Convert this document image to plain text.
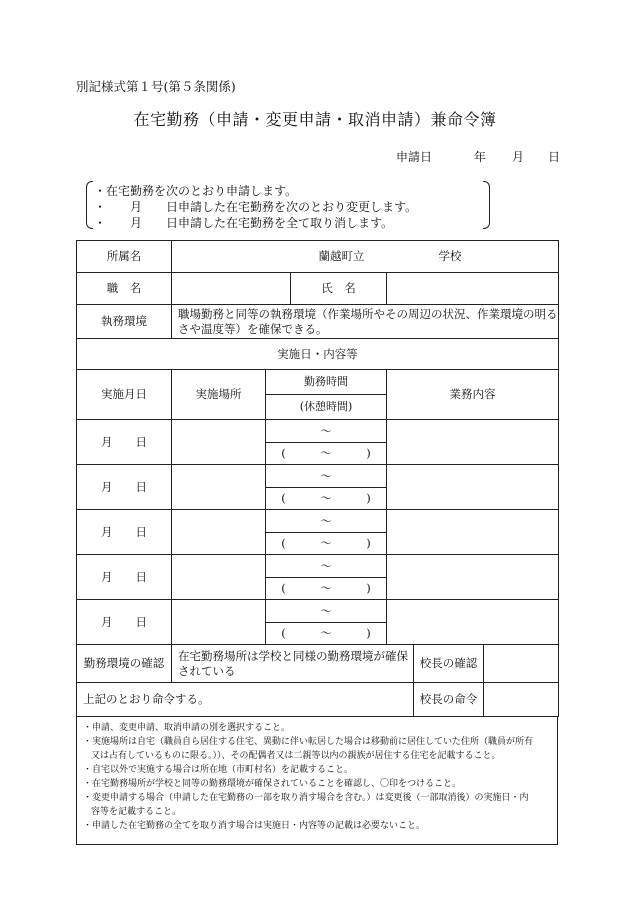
別記様式第１号(第５条関係)
在宅勤務（申請・変更申請・取消申請）兼命令簿
申請日	年 月 日
・在宅勤務を次のとおり申請します。
・　　月　　日申請した在宅勤務を次のとおり変更します。
・　　月　　日申請した在宅勤務を全て取り消します。
所属名	蘭越町立 学校					
職　名			氏　名			
執務環境	職場勤務と同等の執務環境（作業場所やその周辺の状況、作業環境の明るさや温度等）を確保できる。					
実施日・内容等						
実施月日	実施場所	勤務時間		業務内容		
		(休憩時間)				
月　　日		〜				
		(　　　〜　　　)				
月　　日		〜				
		(　　　〜　　　)				
月　　日		〜				
		(　　　〜　　　)				
月　　日		〜				
		(　　　〜　　　)				
月　　日		〜				
		(　　　〜　　　)				
勤務環境の確認	在宅勤務場所は学校と同様の勤務環境が確保されている				校長の確認	
上記のとおり命令する。					校長の命令	
・申請、変更申請、取消申請の別を選択すること。
・実施場所は自宅（職員自ら居住する住宅、異動に伴い転居した場合は移動前に居住していた住所（職員が所有
又は占有しているものに限る。））、その配偶者又は二親等以内の親族が居住する住宅を記載すること。
・自宅以外で実施する場合は所在地（市町村名）を記載すること。
・在宅勤務場所が学校と同等の勤務環境が確保されていることを確認し、〇印をつけること。
・変更申請する場合（申請した在宅勤務の一部を取り消す場合を含む。）は変更後（一部取消後）の実施日・内
容等を記載すること。
・申請した在宅勤務の全てを取り消す場合は実施日・内容等の記載は必要ないこと。
